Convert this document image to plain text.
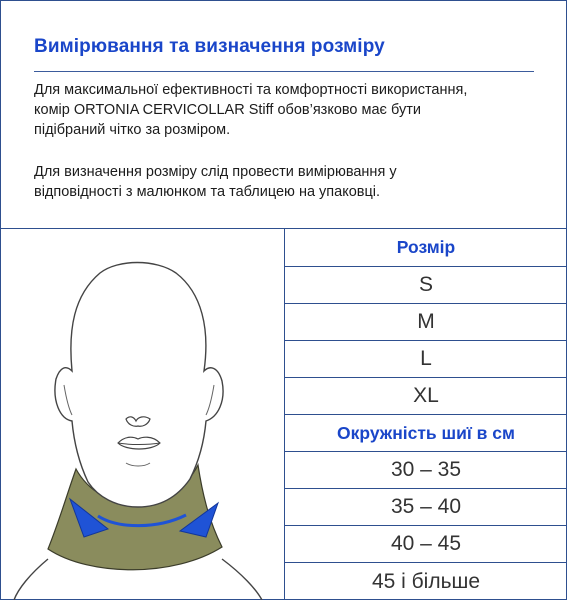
Вимірювання та визначення розміру
Для максимальної ефективності та комфортності використання,
комір ORTONIA CERVICOLLAR Stiff обов’язково має бути
підібраний чітко за розміром.
Для визначення розміру слід провести вимірювання у
відповідності з малюнком та таблицею на упаковці.
Розмір
S
M
L
XL
Окружність шиї в см
30 – 35
35 – 40
40 – 45
45 і більше
